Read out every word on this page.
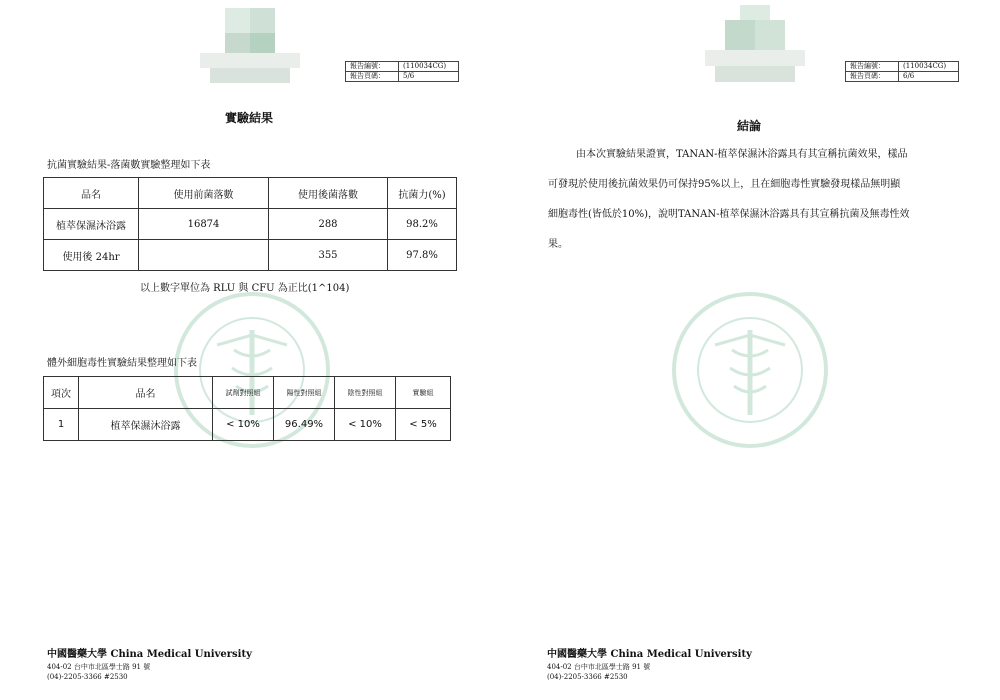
報告編號：	(110034CG)
報告頁碼：	5/6
實驗結果
抗菌實驗結果-落菌數實驗整理如下表
品名	使用前菌落數	使用後菌落數	抗菌力(%)
植萃保濕沐浴露	16874	288	98.2%
使用後 24hr		355	97.8%
以上數字單位為 RLU 與 CFU 為正比(1^104)
體外細胞毒性實驗結果整理如下表
項次	品名	試劑對照組	陽性對照組	陰性對照組	實驗組
1	植萃保濕沐浴露	< 10%	96.49%	< 10%	< 5%
中國醫藥大學 China Medical University
404-02 台中市北區學士路 91 號
(04)-2205-3366 #2530
報告編號：	(110034CG)
報告頁碼：	6/6
結論
由本次實驗結果證實，TANAN-植萃保濕沐浴露具有其宣稱抗菌效果，樣品
可發現於使用後抗菌效果仍可保持95%以上，且在細胞毒性實驗發現樣品無明顯
細胞毒性(皆低於10%)，說明TANAN-植萃保濕沐浴露具有其宣稱抗菌及無毒性效
果。
中國醫藥大學 China Medical University
404-02 台中市北區學士路 91 號
(04)-2205-3366 #2530
